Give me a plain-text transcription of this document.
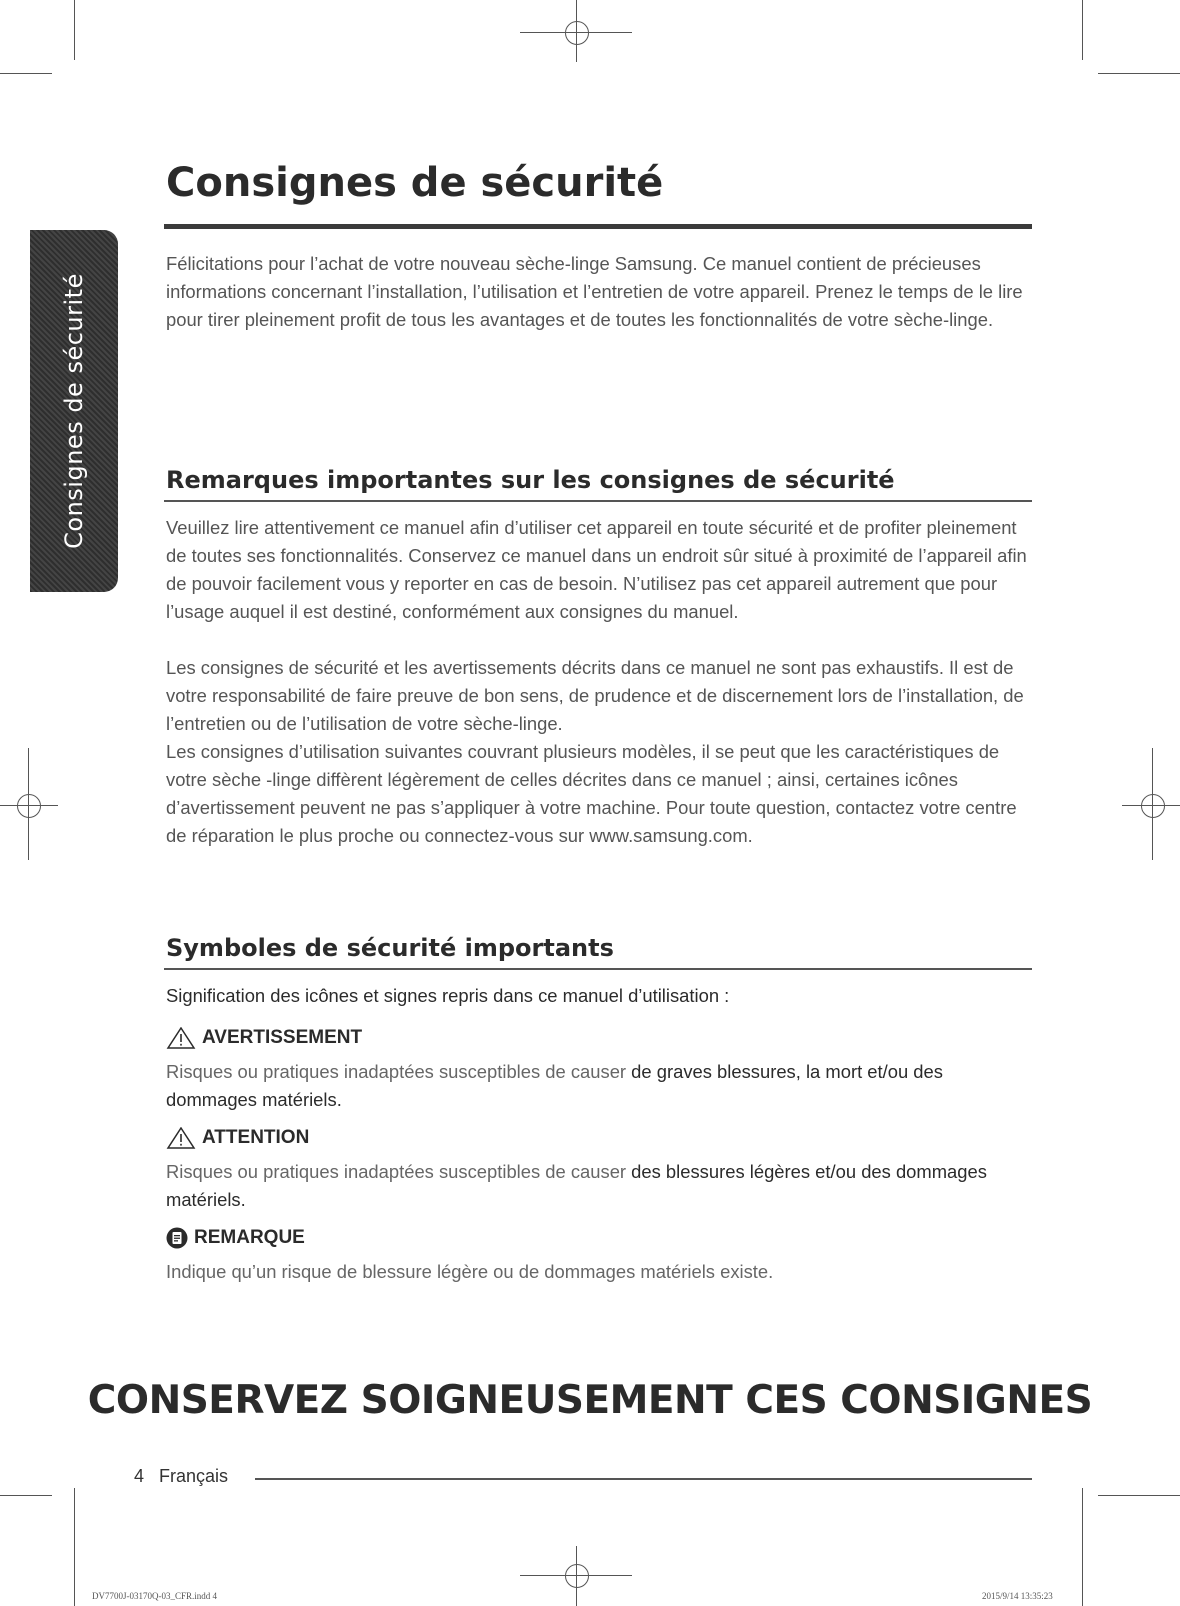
Consignes de sécurité
Consignes de sécurité

Félicitations pour l’achat de votre nouveau sèche-linge Samsung. Ce manuel contient de précieuses informations concernant l’installation, l’utilisation et l’entretien de votre appareil. Prenez le temps de le lire pour tirer pleinement profit de tous les avantages et de toutes les fonctionnalités de votre sèche-linge.

Remarques importantes sur les consignes de sécurité

Veuillez lire attentivement ce manuel afin d’utiliser cet appareil en toute sécurité et de profiter pleinement de toutes ses fonctionnalités. Conservez ce manuel dans un endroit sûr situé à proximité de l’appareil afin de pouvoir facilement vous y reporter en cas de besoin. N’utilisez pas cet appareil autrement que pour l’usage auquel il est destiné, conformément aux consignes du manuel.

Les consignes de sécurité et les avertissements décrits dans ce manuel ne sont pas exhaustifs. Il est de votre responsabilité de faire preuve de bon sens, de prudence et de discernement lors de l’installation, de l’entretien ou de l’utilisation de votre sèche-linge.

Les consignes d’utilisation suivantes couvrant plusieurs modèles, il se peut que les caractéristiques de votre sèche -linge diffèrent légèrement de celles décrites dans ce manuel ; ainsi, certaines icônes d’avertissement peuvent ne pas s’appliquer à votre machine. Pour toute question, contactez votre centre de réparation le plus proche ou connectez-vous sur www.samsung.com.

Symboles de sécurité importants
Signification des icônes et signes repris dans ce manuel d’utilisation :
AVERTISSEMENT

Risques ou pratiques inadaptées susceptibles de causer de graves blessures, la mort et/ou des dommages matériels.

ATTENTION

Risques ou pratiques inadaptées susceptibles de causer des blessures légères et/ou des dommages matériels.

REMARQUE

Indique qu’un risque de blessure légère ou de dommages matériels existe.

CONSERVEZ SOIGNEUSEMENT CES CONSIGNES
4 Français
DV7700J-03170Q-03_CFR.indd 4	2015/9/14 13:35:23
